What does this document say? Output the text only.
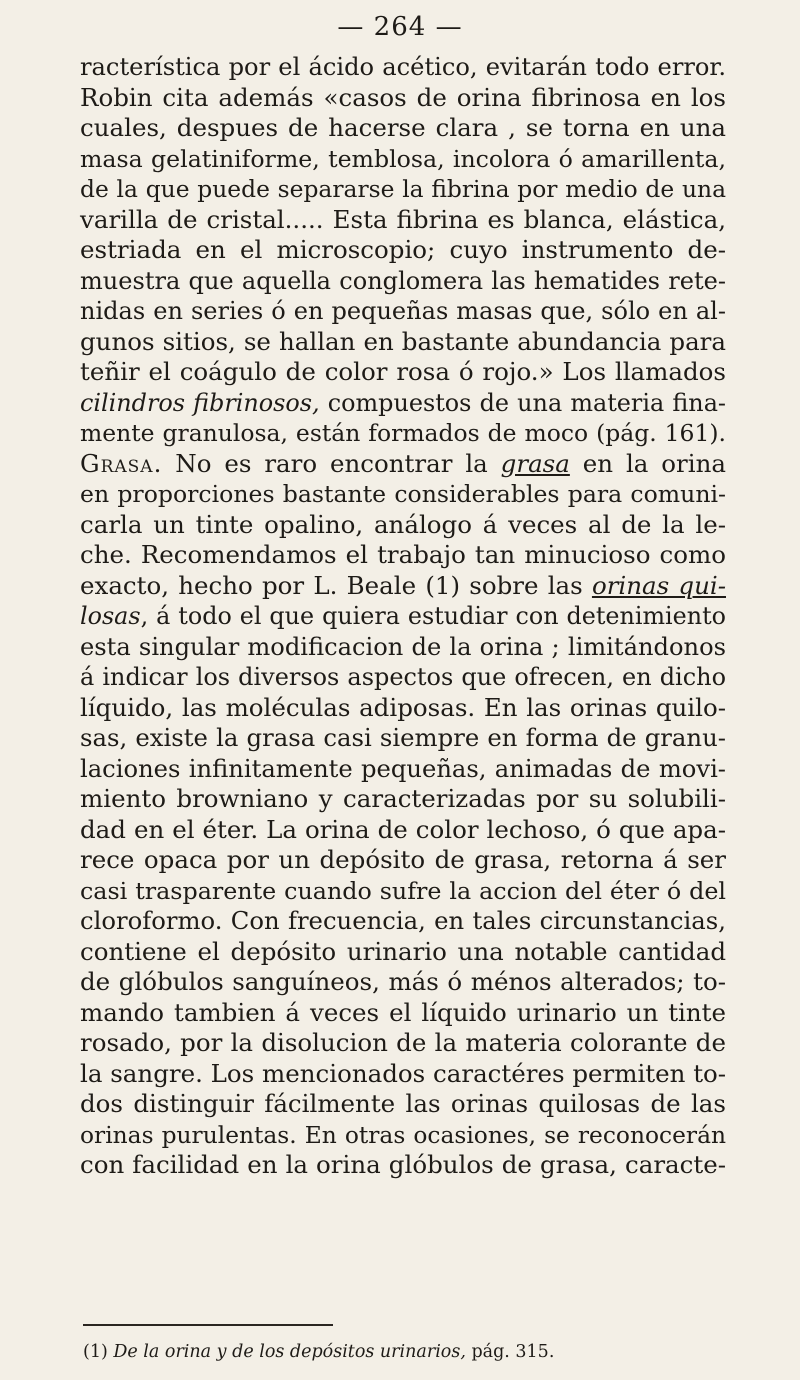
— 264 —
racterística por el ácido acético, evitarán todo error.
Robin cita además «casos de orina fibrinosa en los
cuales, despues de hacerse clara , se torna en una
masa gelatiniforme, temblosa, incolora ó amarillenta,
de la que puede separarse la fibrina por medio de una
varilla de cristal..... Esta fibrina es blanca, elástica,
estriada en el microscopio; cuyo instrumento de-
muestra que aquella conglomera las hematides rete-
nidas en series ó en pequeñas masas que, sólo en al-
gunos sitios, se hallan en bastante abundancia para
teñir el coágulo de color rosa ó rojo.» Los llamados
cilindros fibrinosos, compuestos de una materia fina-
mente granulosa, están formados de moco (pág. 161).
Grasa. No es raro encontrar la grasa en la orina
en proporciones bastante considerables para comuni-
carla un tinte opalino, análogo á veces al de la le-
che. Recomendamos el trabajo tan minucioso como
exacto, hecho por L. Beale (1) sobre las orinas qui-
losas, á todo el que quiera estudiar con detenimiento
esta singular modificacion de la orina ; limitándonos
á indicar los diversos aspectos que ofrecen, en dicho
líquido, las moléculas adiposas. En las orinas quilo-
sas, existe la grasa casi siempre en forma de granu-
laciones infinitamente pequeñas, animadas de movi-
miento browniano y caracterizadas por su solubili-
dad en el éter. La orina de color lechoso, ó que apa-
rece opaca por un depósito de grasa, retorna á ser
casi trasparente cuando sufre la accion del éter ó del
cloroformo. Con frecuencia, en tales circunstancias,
contiene el depósito urinario una notable cantidad
de glóbulos sanguíneos, más ó ménos alterados; to-
mando tambien á veces el líquido urinario un tinte
rosado, por la disolucion de la materia colorante de
la sangre. Los mencionados caractéres permiten to-
dos distinguir fácilmente las orinas quilosas de las
orinas purulentas. En otras ocasiones, se reconocerán
con facilidad en la orina glóbulos de grasa, caracte-
(1) De la orina y de los depósitos urinarios, pág. 315.
